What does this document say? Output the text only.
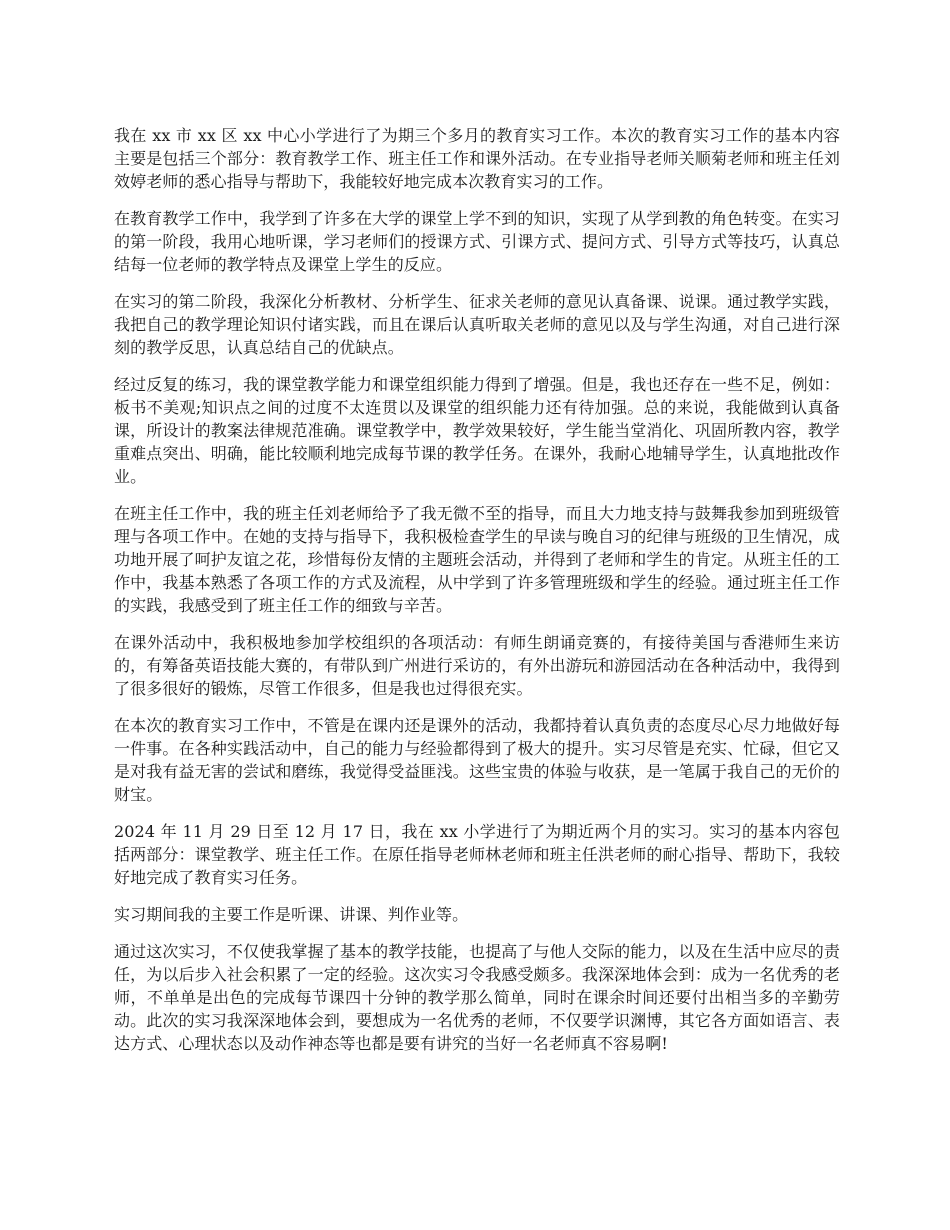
我在 xx 市 xx 区 xx 中心小学进行了为期三个多月的教育实习工作。本次的教育实习工作的基本内容主要是包括三个部分：教育教学工作、班主任工作和课外活动。在专业指导老师关顺菊老师和班主任刘效婷老师的悉心指导与帮助下，我能较好地完成本次教育实习的工作。

在教育教学工作中，我学到了许多在大学的课堂上学不到的知识，实现了从学到教的角色转变。在实习的第一阶段，我用心地听课，学习老师们的授课方式、引课方式、提问方式、引导方式等技巧，认真总结每一位老师的教学特点及课堂上学生的反应。

在实习的第二阶段，我深化分析教材、分析学生、征求关老师的意见认真备课、说课。通过教学实践，我把自己的教学理论知识付诸实践，而且在课后认真听取关老师的意见以及与学生沟通，对自己进行深刻的教学反思，认真总结自己的优缺点。

经过反复的练习，我的课堂教学能力和课堂组织能力得到了增强。但是，我也还存在一些不足，例如：板书不美观;知识点之间的过度不太连贯以及课堂的组织能力还有待加强。总的来说，我能做到认真备课，所设计的教案法律规范准确。课堂教学中，教学效果较好，学生能当堂消化、巩固所教内容，教学重难点突出、明确，能比较顺利地完成每节课的教学任务。在课外，我耐心地辅导学生，认真地批改作业。

在班主任工作中，我的班主任刘老师给予了我无微不至的指导，而且大力地支持与鼓舞我参加到班级管理与各项工作中。在她的支持与指导下，我积极检查学生的早读与晚自习的纪律与班级的卫生情况，成功地开展了呵护友谊之花，珍惜每份友情的主题班会活动，并得到了老师和学生的肯定。从班主任的工作中，我基本熟悉了各项工作的方式及流程，从中学到了许多管理班级和学生的经验。通过班主任工作的实践，我感受到了班主任工作的细致与辛苦。

在课外活动中，我积极地参加学校组织的各项活动：有师生朗诵竞赛的，有接待美国与香港师生来访的，有筹备英语技能大赛的，有带队到广州进行采访的，有外出游玩和游园活动在各种活动中，我得到了很多很好的锻炼，尽管工作很多，但是我也过得很充实。

在本次的教育实习工作中，不管是在课内还是课外的活动，我都持着认真负责的态度尽心尽力地做好每一件事。在各种实践活动中，自己的能力与经验都得到了极大的提升。实习尽管是充实、忙碌，但它又是对我有益无害的尝试和磨练，我觉得受益匪浅。这些宝贵的体验与收获，是一笔属于我自己的无价的财宝。

2024 年 11 月 29 日至 12 月 17 日，我在 xx 小学进行了为期近两个月的实习。实习的基本内容包括两部分：课堂教学、班主任工作。在原任指导老师林老师和班主任洪老师的耐心指导、帮助下，我较好地完成了教育实习任务。

实习期间我的主要工作是听课、讲课、判作业等。

通过这次实习，不仅使我掌握了基本的教学技能，也提高了与他人交际的能力，以及在生活中应尽的责任，为以后步入社会积累了一定的经验。这次实习令我感受颇多。我深深地体会到：成为一名优秀的老师，不单单是出色的完成每节课四十分钟的教学那么简单，同时在课余时间还要付出相当多的辛勤劳动。此次的实习我深深地体会到，要想成为一名优秀的老师，不仅要学识渊博，其它各方面如语言、表达方式、心理状态以及动作神态等也都是要有讲究的当好一名老师真不容易啊!
